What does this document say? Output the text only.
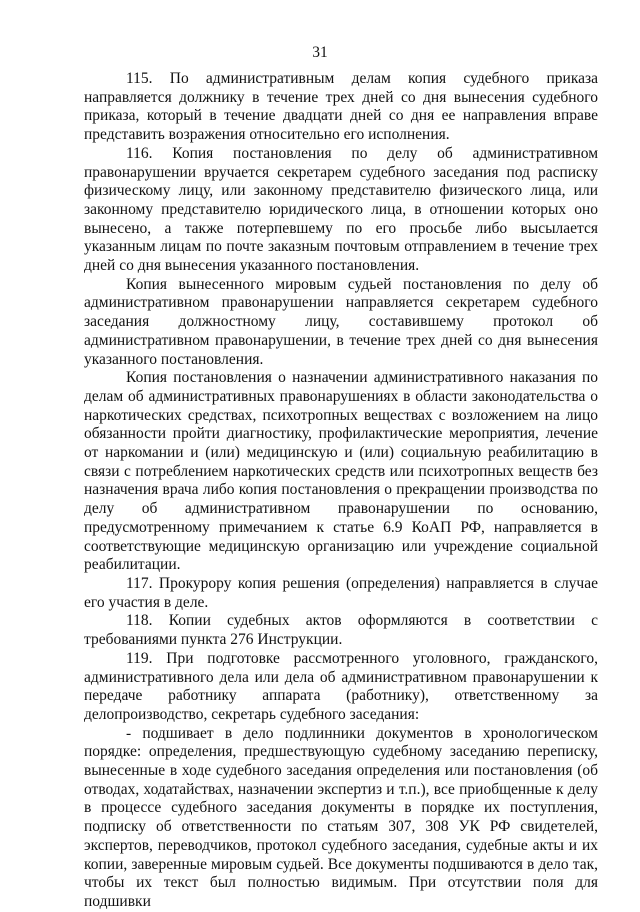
31

115. По административным делам копия судебного приказа направляется должнику в течение трех дней со дня вынесения судебного приказа, который в течение двадцати дней со дня ее направления вправе представить возражения относительно его исполнения.

116. Копия постановления по делу об административном правонарушении вручается секретарем судебного заседания под расписку физическому лицу, или законному представителю физического лица, или законному представителю юридического лица, в отношении которых оно вынесено, а также потерпевшему по его просьбе либо высылается указанным лицам по почте заказным почтовым отправлением в течение трех дней со дня вынесения указанного постановления.

Копия вынесенного мировым судьей постановления по делу об административном правонарушении направляется секретарем судебного заседания должностному лицу, составившему протокол об административном правонарушении, в течение трех дней со дня вынесения указанного постановления.

Копия постановления о назначении административного наказания по делам об административных правонарушениях в области законодательства о наркотических средствах, психотропных веществах с возложением на лицо обязанности пройти диагностику, профилактические мероприятия, лечение от наркомании и (или) медицинскую и (или) социальную реабилитацию в связи с потреблением наркотических средств или психотропных веществ без назначения врача либо копия постановления о прекращении производства по делу об административном правонарушении по основанию, предусмотренному примечанием к статье 6.9 КоАП РФ, направляется в соответствующие медицинскую организацию или учреждение социальной реабилитации.

117. Прокурору копия решения (определения) направляется в случае его участия в деле.

118. Копии судебных актов оформляются в соответствии с требованиями пункта 276 Инструкции.

119. При подготовке рассмотренного уголовного, гражданского, административного дела или дела об административном правонарушении к передаче работнику аппарата (работнику), ответственному за делопроизводство, секретарь судебного заседания:

- подшивает в дело подлинники документов в хронологическом порядке: определения, предшествующую судебному заседанию переписку, вынесенные в ходе судебного заседания определения или постановления (об отводах, ходатайствах, назначении экспертиз и т.п.), все приобщенные к делу в процессе судебного заседания документы в порядке их поступления, подписку об ответственности по статьям 307, 308 УК РФ свидетелей, экспертов, переводчиков, протокол судебного заседания, судебные акты и их копии, заверенные мировым судьей. Все документы подшиваются в дело так, чтобы их текст был полностью видимым. При отсутствии поля для подшивки
